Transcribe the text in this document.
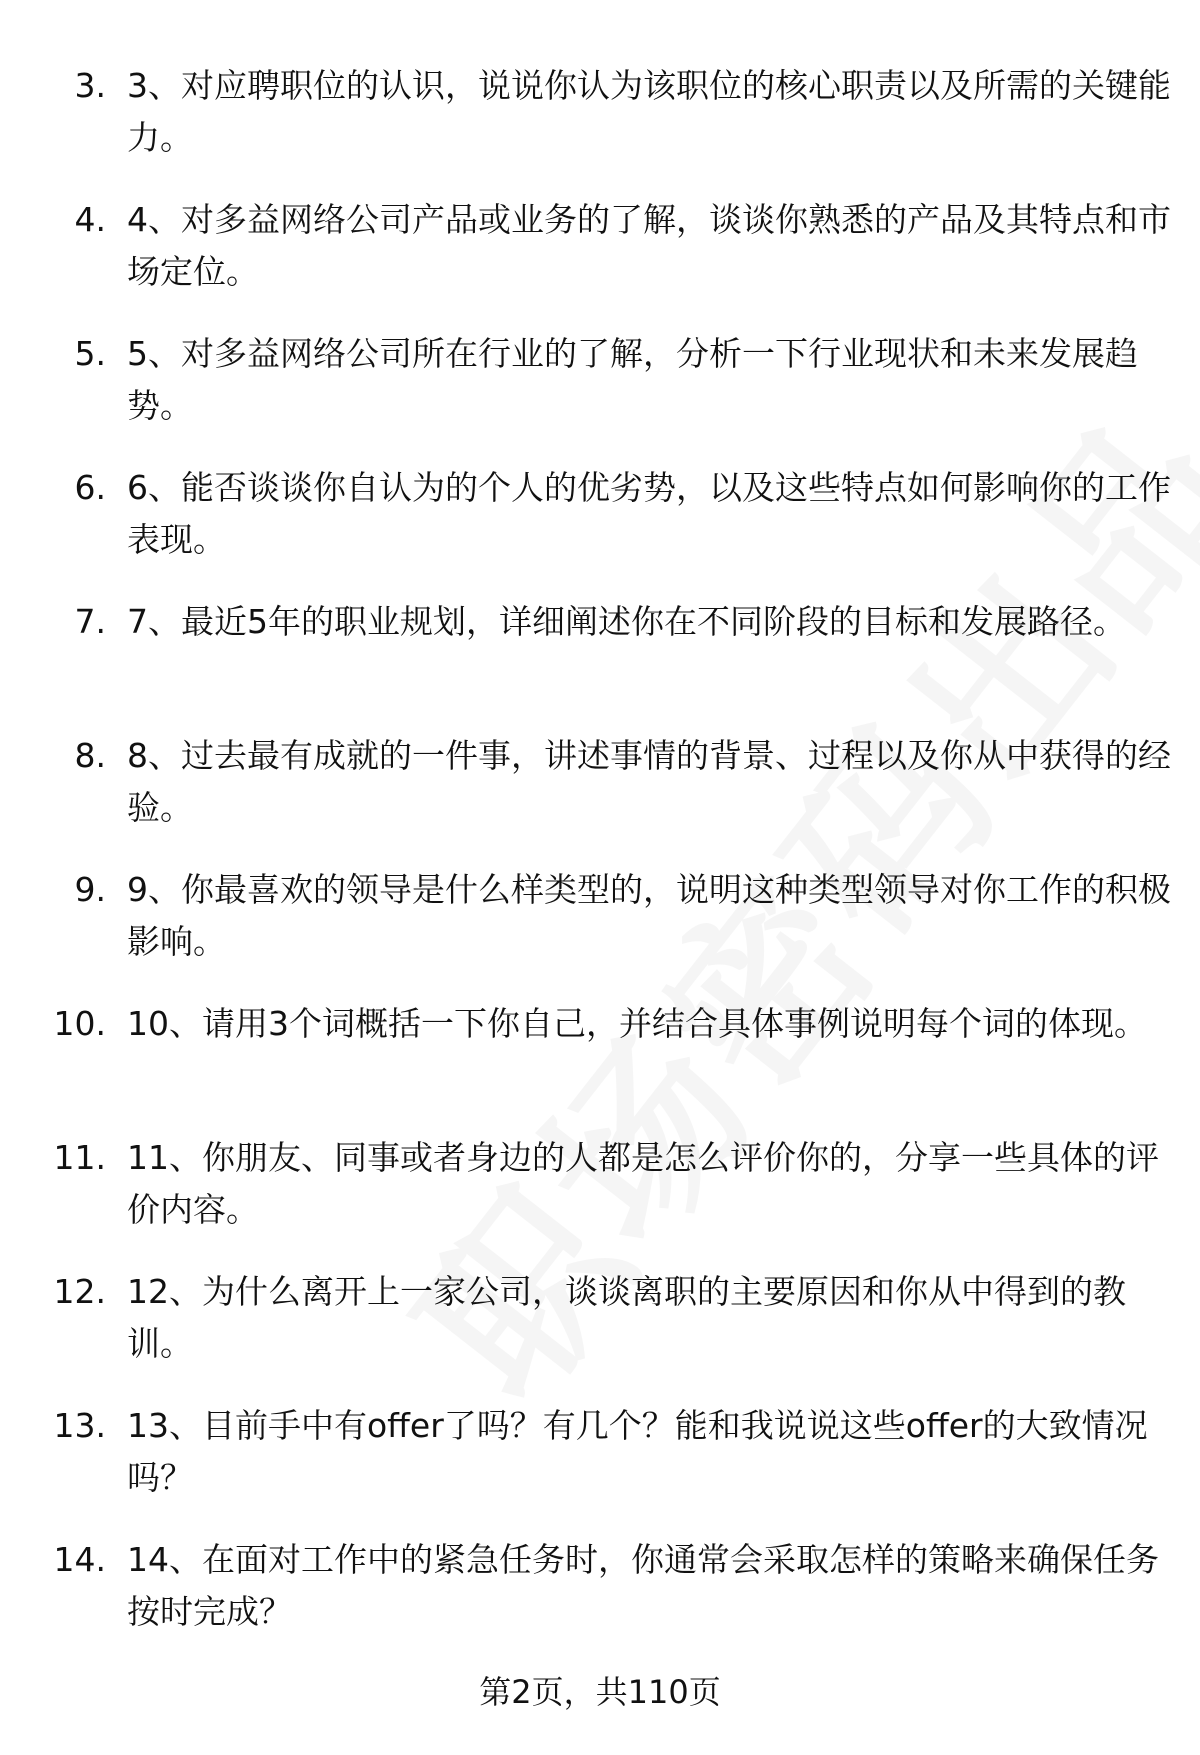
3. 3、对应聘职位的认识，说说你认为该职位的核心职责以及所需的关键能力。
4. 4、对多益网络公司产品或业务的了解，谈谈你熟悉的产品及其特点和市场定位。
5. 5、对多益网络公司所在行业的了解，分析一下行业现状和未来发展趋势。
6. 6、能否谈谈你自认为的个人的优劣势，以及这些特点如何影响你的工作表现。
7. 7、最近5年的职业规划，详细阐述你在不同阶段的目标和发展路径。
8. 8、过去最有成就的一件事，讲述事情的背景、过程以及你从中获得的经验。
9. 9、你最喜欢的领导是什么样类型的，说明这种类型领导对你工作的积极影响。
10. 10、请用3个词概括一下你自己，并结合具体事例说明每个词的体现。
11. 11、你朋友、同事或者身边的人都是怎么评价你的，分享一些具体的评价内容。
12. 12、为什么离开上一家公司，谈谈离职的主要原因和你从中得到的教训。
13. 13、目前手中有offer了吗？有几个？能和我说说这些offer的大致情况吗？
14. 14、在面对工作中的紧急任务时，你通常会采取怎样的策略来确保任务按时完成？
第2页，共110页
